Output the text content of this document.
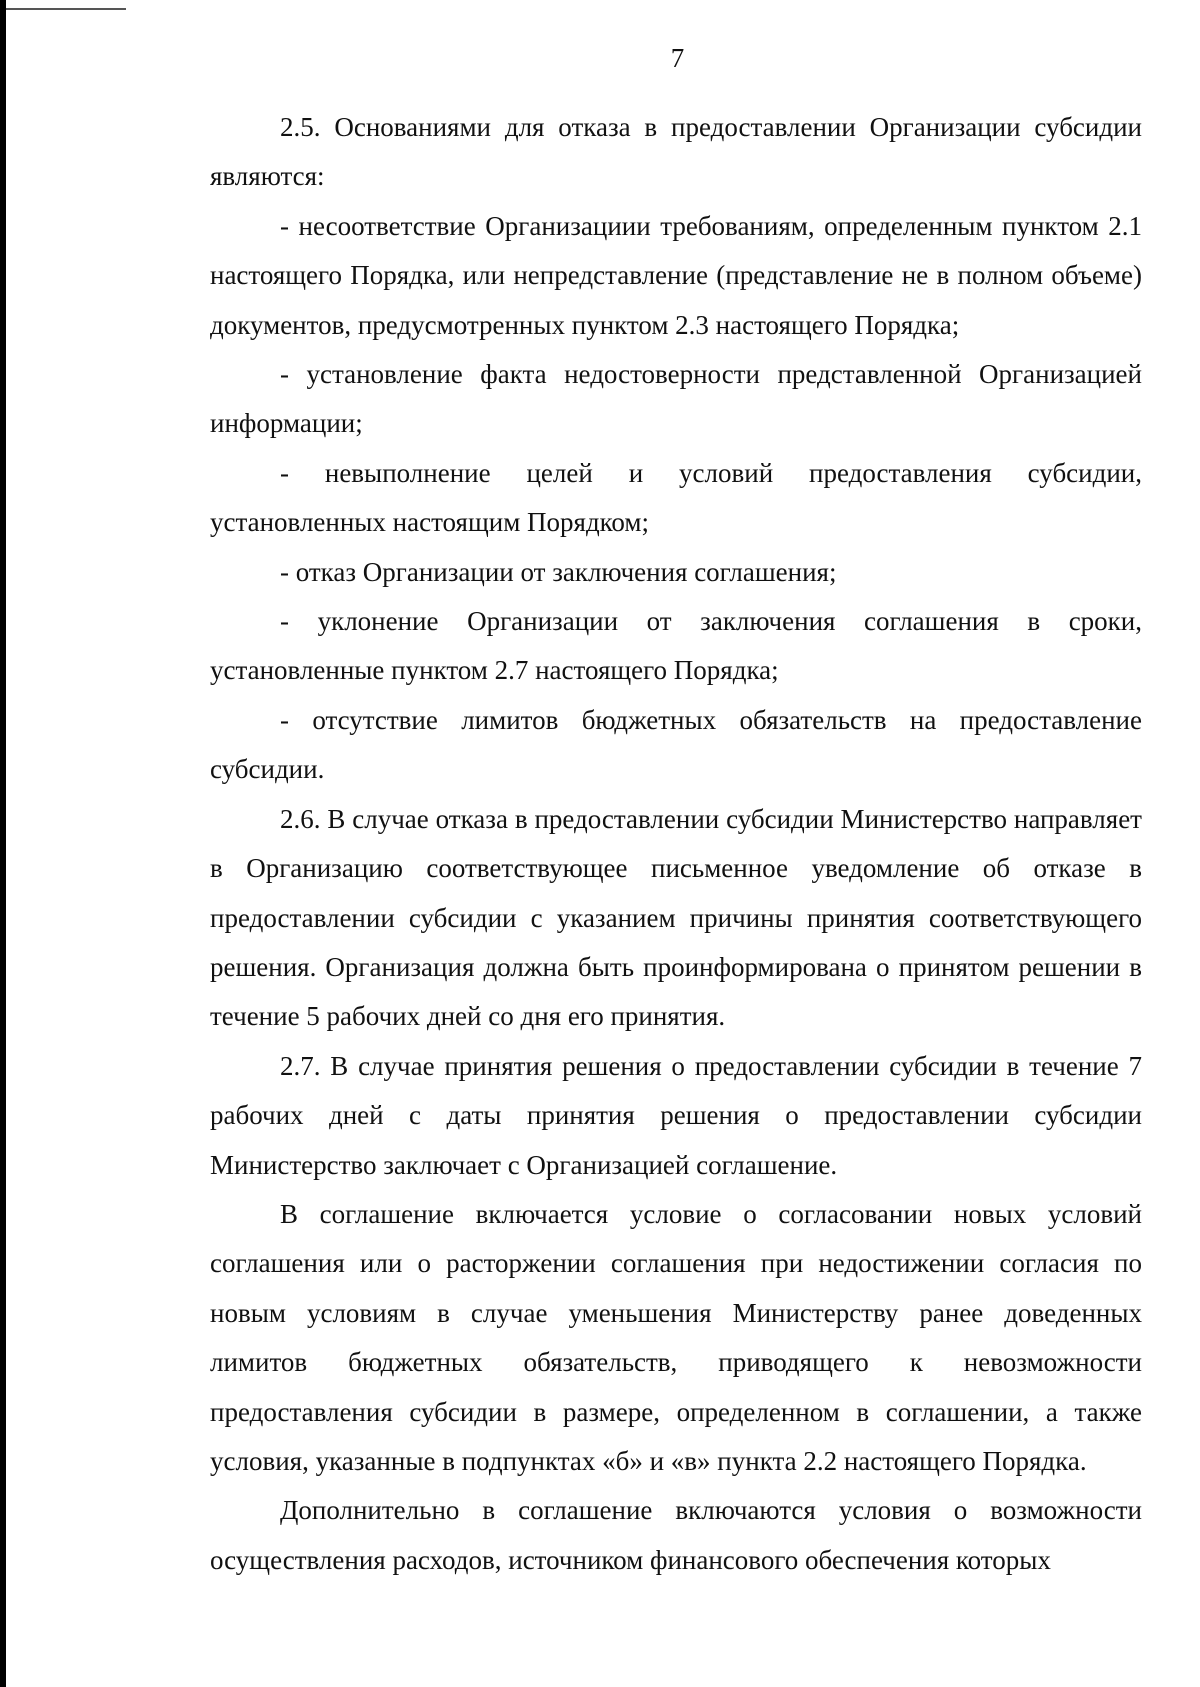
7

2.5. Основаниями для отказа в предоставлении Организации субсидии являются:

- несоответствие Организациии требованиям, определенным пунктом 2.1 настоящего Порядка, или непредставление (представление не в полном объеме) документов, предусмотренных пунктом 2.3 настоящего Порядка;

- установление факта недостоверности представленной Организацией информации;

- невыполнение целей и условий предоставления субсидии, установленных настоящим Порядком;

- отказ Организации от заключения соглашения;

- уклонение Организации от заключения соглашения в сроки, установленные пунктом 2.7 настоящего Порядка;

- отсутствие лимитов бюджетных обязательств на предоставление субсидии.

2.6. В случае отказа в предоставлении субсидии Министерство направляет в Организацию соответствующее письменное уведомление об отказе в предоставлении субсидии с указанием причины принятия соответствующего решения. Организация должна быть проинформирована о принятом решении в течение 5 рабочих дней со дня его принятия.

2.7. В случае принятия решения о предоставлении субсидии в течение 7 рабочих дней с даты принятия решения о предоставлении субсидии Министерство заключает с Организацией соглашение.

В соглашение включается условие о согласовании новых условий соглашения или о расторжении соглашения при недостижении согласия по новым условиям в случае уменьшения Министерству ранее доведенных лимитов бюджетных обязательств, приводящего к невозможности предоставления субсидии в размере, определенном в соглашении, а также условия, указанные в подпунктах «б» и «в» пункта 2.2 настоящего Порядка.

Дополнительно в соглашение включаются условия о возможности осуществления расходов, источником финансового обеспечения которых
